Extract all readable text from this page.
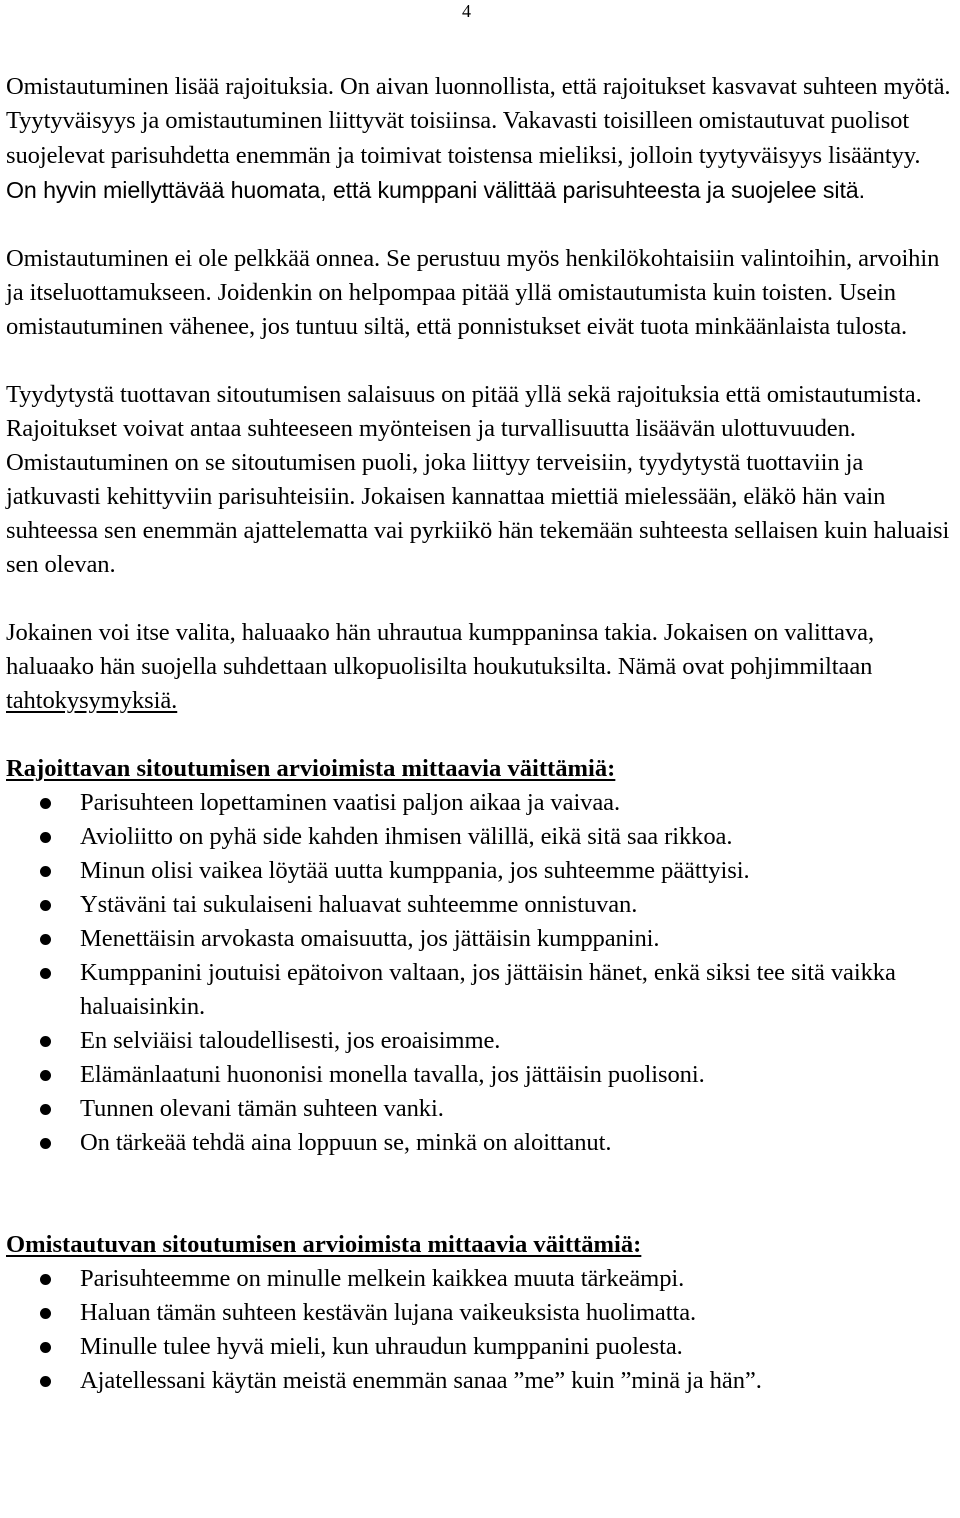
4

Omistautuminen lisää rajoituksia. On aivan luonnollista, että rajoitukset kasvavat suhteen myötä. Tyytyväisyys ja omistautuminen liittyvät toisiinsa. Vakavasti toisilleen omistautuvat puolisot suojelevat parisuhdetta enemmän ja toimivat toistensa mieliksi, jolloin tyytyväisyys lisääntyy. On hyvin miellyttävää huomata, että kumppani välittää parisuhteesta ja suojelee sitä.

Omistautuminen ei ole pelkkää onnea. Se perustuu myös henkilökohtaisiin valintoihin, arvoihin ja itseluottamukseen. Joidenkin on helpompaa pitää yllä omistautumista kuin toisten. Usein omistautuminen vähenee, jos tuntuu siltä, että ponnistukset eivät tuota minkäänlaista tulosta.

Tyydytystä tuottavan sitoutumisen salaisuus on pitää yllä sekä rajoituksia että omistautumista. Rajoitukset voivat antaa suhteeseen myönteisen ja turvallisuutta lisäävän ulottuvuuden. Omistautuminen on se sitoutumisen puoli, joka liittyy terveisiin, tyydytystä tuottaviin ja jatkuvasti kehittyviin parisuhteisiin. Jokaisen kannattaa miettiä mielessään, eläkö hän vain suhteessa sen enemmän ajattelematta vai pyrkiikö hän tekemään suhteesta sellaisen kuin haluaisi sen olevan.

Jokainen voi itse valita, haluaako hän uhrautua kumppaninsa takia. Jokaisen on valittava, haluaako hän suojella suhdettaan ulkopuolisilta houkutuksilta. Nämä ovat pohjimmiltaan tahtokysymyksiä.

Rajoittavan sitoutumisen arvioimista mittaavia väittämiä:
Parisuhteen lopettaminen vaatisi paljon aikaa ja vaivaa.
Avioliitto on pyhä side kahden ihmisen välillä, eikä sitä saa rikkoa.
Minun olisi vaikea löytää uutta kumppania, jos suhteemme päättyisi.
Ystäväni tai sukulaiseni haluavat suhteemme onnistuvan.
Menettäisin arvokasta omaisuutta, jos jättäisin kumppanini.
Kumppanini joutuisi epätoivon valtaan, jos jättäisin hänet, enkä siksi tee sitä vaikka haluaisinkin.
En selviäisi taloudellisesti, jos eroaisimme.
Elämänlaatuni huononisi monella tavalla, jos jättäisin puolisoni.
Tunnen olevani tämän suhteen vanki.
On tärkeää tehdä aina loppuun se, minkä on aloittanut.
Omistautuvan sitoutumisen arvioimista mittaavia väittämiä:
Parisuhteemme on minulle melkein kaikkea muuta tärkeämpi.
Haluan tämän suhteen kestävän lujana vaikeuksista huolimatta.
Minulle tulee hyvä mieli, kun uhraudun kumppanini puolesta.
Ajatellessani käytän meistä enemmän sanaa ”me” kuin ”minä ja hän”.
